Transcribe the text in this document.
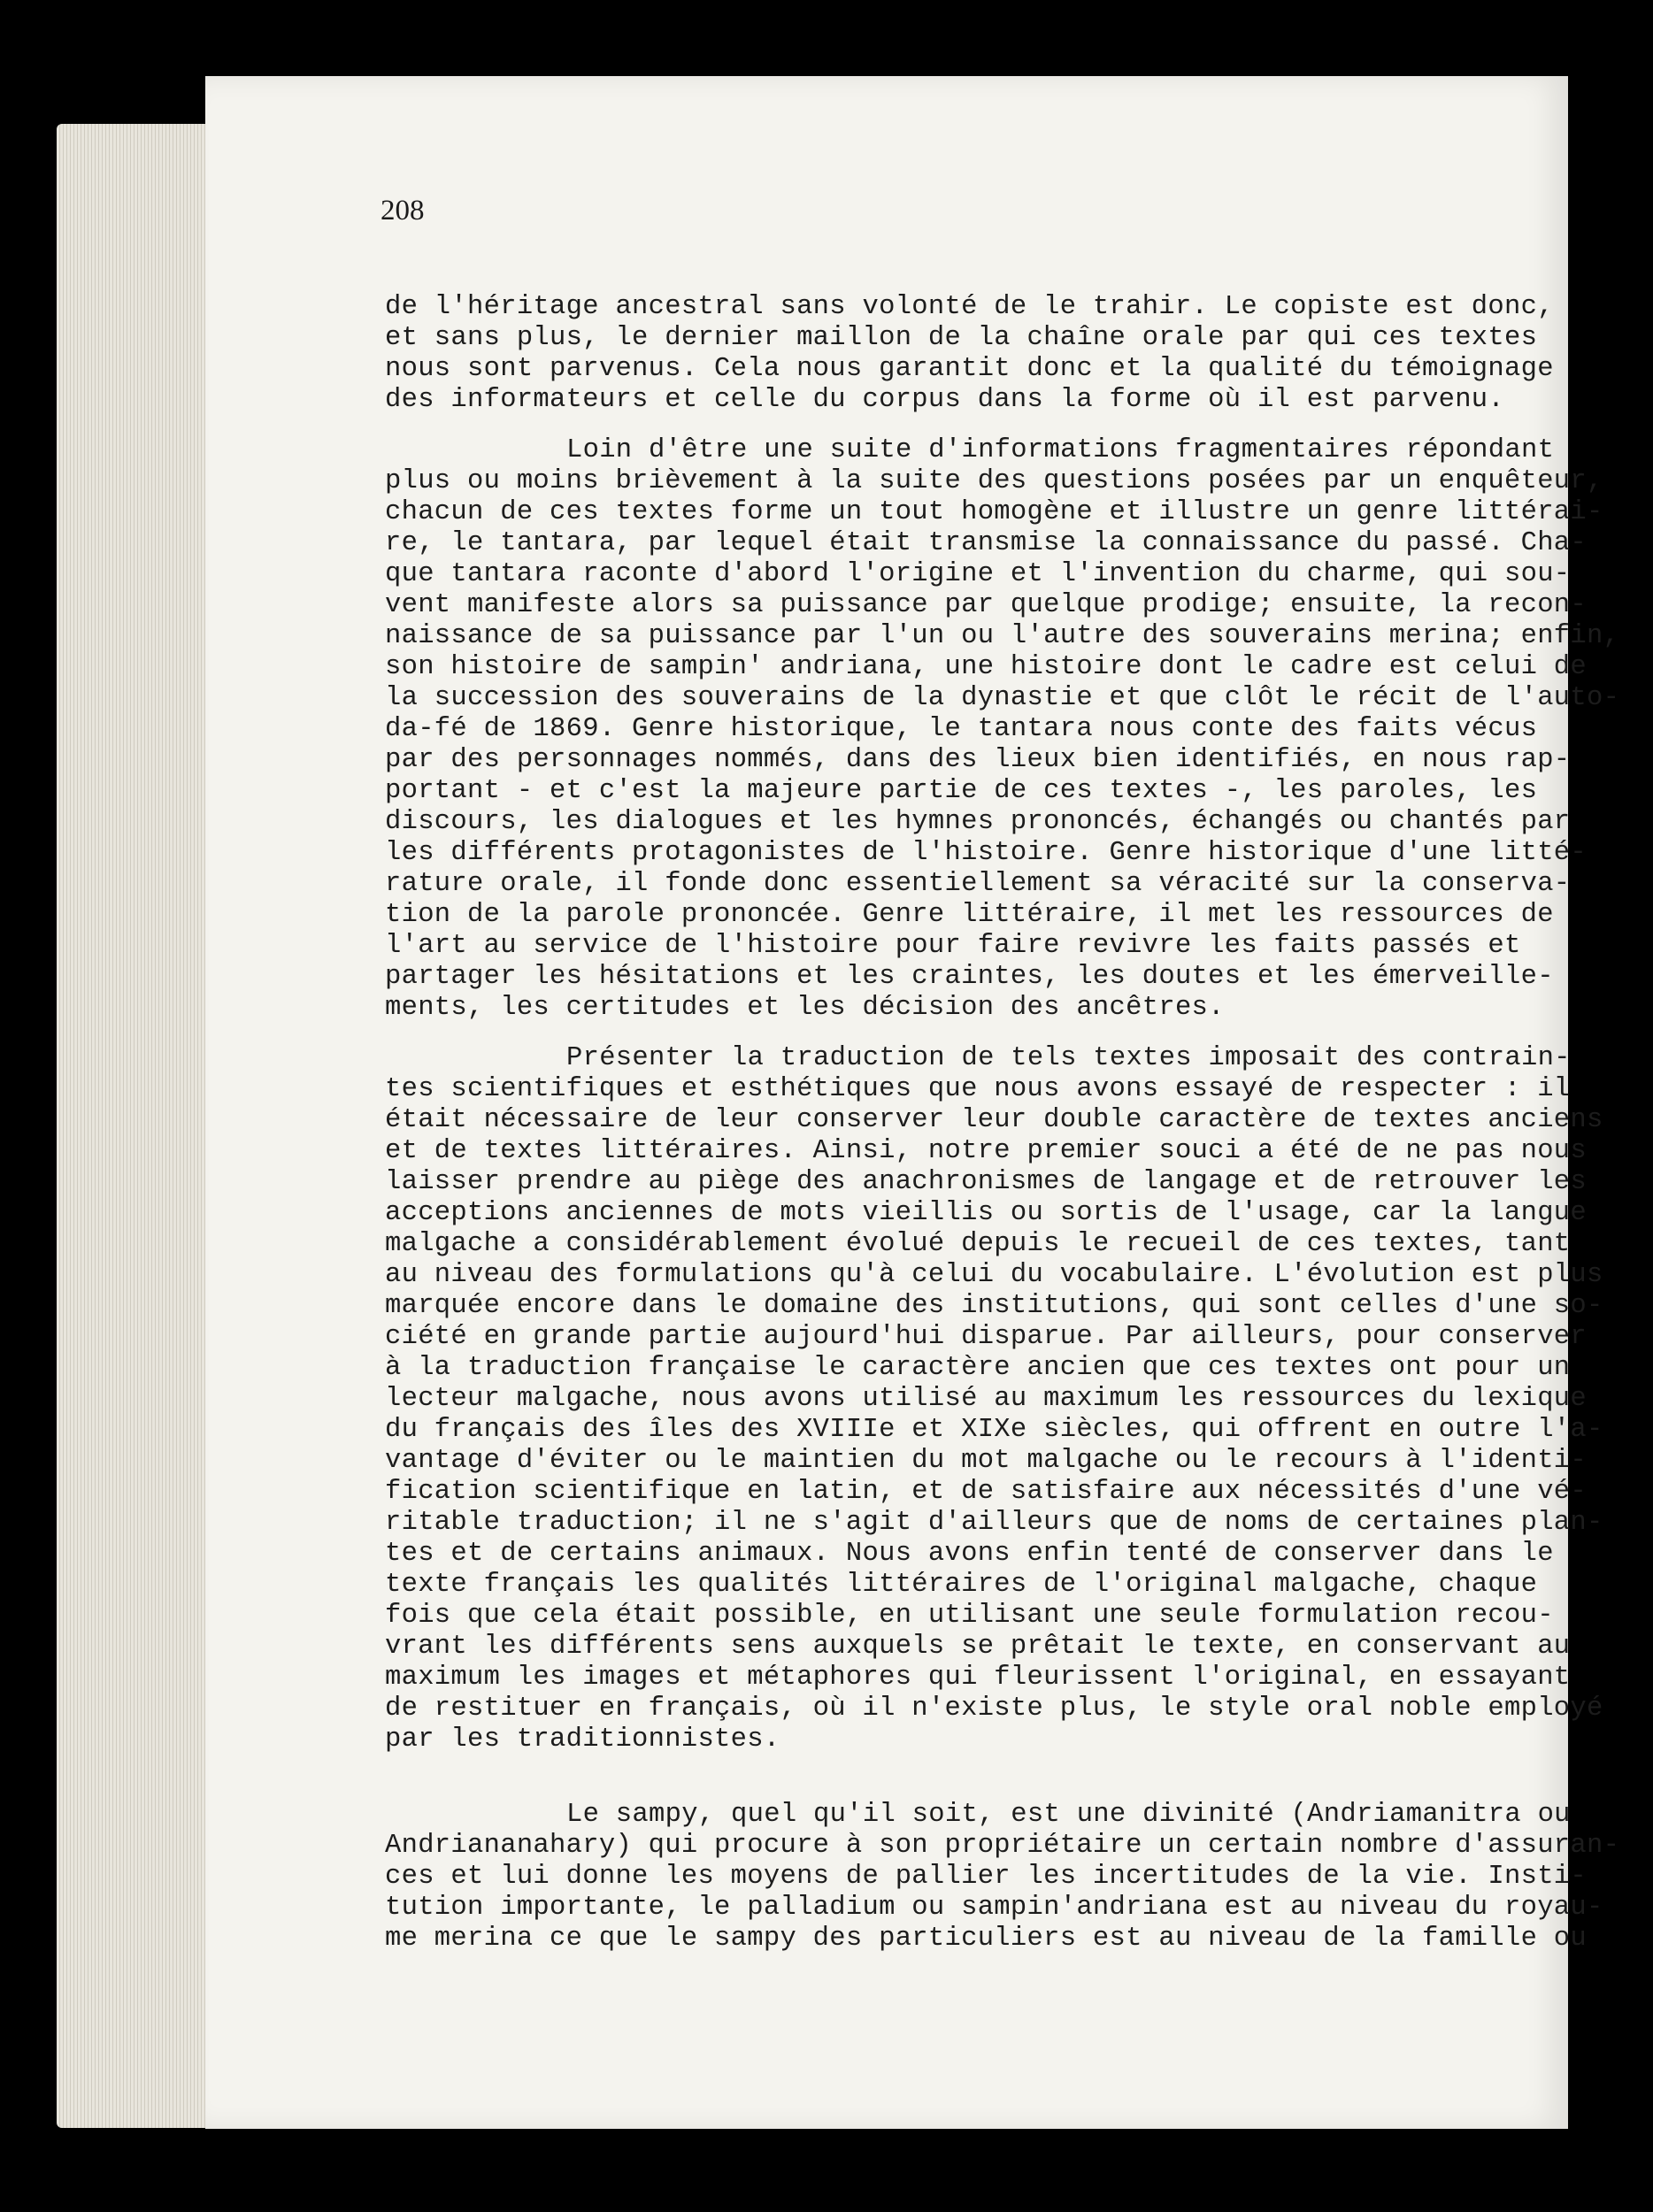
208
de l'héritage ancestral sans volonté de le trahir. Le copiste est donc,
et sans plus, le dernier maillon de la chaîne orale par qui ces textes
nous sont parvenus. Cela nous garantit donc et la qualité du témoignage
des informateurs et celle du corpus dans la forme où il est parvenu.
Loin d'être une suite d'informations fragmentaires répondant
plus ou moins brièvement à la suite des questions posées par un enquêteur,
chacun de ces textes forme un tout homogène et illustre un genre littérai-
re, le tantara, par lequel était transmise la connaissance du passé. Cha-
que tantara raconte d'abord l'origine et l'invention du charme, qui sou-
vent manifeste alors sa puissance par quelque prodige; ensuite, la recon-
naissance de sa puissance par l'un ou l'autre des souverains merina; enfin,
son histoire de sampin' andriana, une histoire dont le cadre est celui de
la succession des souverains de la dynastie et que clôt le récit de l'auto-
da-fé de 1869. Genre historique, le tantara nous conte des faits vécus
par des personnages nommés, dans des lieux bien identifiés, en nous rap-
portant - et c'est la majeure partie de ces textes -, les paroles, les
discours, les dialogues et les hymnes prononcés, échangés ou chantés par
les différents protagonistes de l'histoire. Genre historique d'une litté-
rature orale, il fonde donc essentiellement sa véracité sur la conserva-
tion de la parole prononcée. Genre littéraire, il met les ressources de
l'art au service de l'histoire pour faire revivre les faits passés et
partager les hésitations et les craintes, les doutes et les émerveille-
ments, les certitudes et les décision des ancêtres.
Présenter la traduction de tels textes imposait des contrain-
tes scientifiques et esthétiques que nous avons essayé de respecter : il
était nécessaire de leur conserver leur double caractère de textes anciens
et de textes littéraires. Ainsi, notre premier souci a été de ne pas nous
laisser prendre au piège des anachronismes de langage et de retrouver les
acceptions anciennes de mots vieillis ou sortis de l'usage, car la langue
malgache a considérablement évolué depuis le recueil de ces textes, tant
au niveau des formulations qu'à celui du vocabulaire. L'évolution est plus
marquée encore dans le domaine des institutions, qui sont celles d'une so-
ciété en grande partie aujourd'hui disparue. Par ailleurs, pour conserver
à la traduction française le caractère ancien que ces textes ont pour un
lecteur malgache, nous avons utilisé au maximum les ressources du lexique
du français des îles des XVIIIe et XIXe siècles, qui offrent en outre l'a-
vantage d'éviter ou le maintien du mot malgache ou le recours à l'identi-
fication scientifique en latin, et de satisfaire aux nécessités d'une vé-
ritable traduction; il ne s'agit d'ailleurs que de noms de certaines plan-
tes et de certains animaux. Nous avons enfin tenté de conserver dans le
texte français les qualités littéraires de l'original malgache, chaque
fois que cela était possible, en utilisant une seule formulation recou-
vrant les différents sens auxquels se prêtait le texte, en conservant au
maximum les images et métaphores qui fleurissent l'original, en essayant
de restituer en français, où il n'existe plus, le style oral noble employé
par les traditionnistes.
Le sampy, quel qu'il soit, est une divinité (Andriamanitra ou
Andriananahary) qui procure à son propriétaire un certain nombre d'assuran-
ces et lui donne les moyens de pallier les incertitudes de la vie. Insti-
tution importante, le palladium ou sampin'andriana est au niveau du royau-
me merina ce que le sampy des particuliers est au niveau de la famille ou
